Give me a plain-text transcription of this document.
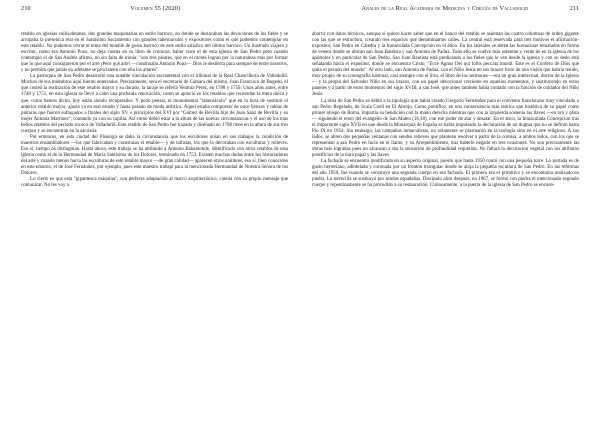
210	Volumen 55 (2020)

retablo en iglesias vallisoletanas, dos grandes maquinarias en estilo barroco, en donde se destacaban las devociones de los fieles y se arropaba la presencia real en el Santísimo Sacramento con grandes tabernáculos y expositores como el que podemos contemplar en este retablo. No podemos cerrar el tema del mueble de gusto barroco de este estilo artístico del último barroco. Un ilustrado viajero y escritor, como era Antonio Ponz, no deja cuenta en su libro de crónicas, haber visto el de esta iglesia de San Pedro pero cuando contempló el de San Andrés afirmó, no sin falta de ironía: "son tres pisares, que en el monte logran por la naturaleza más por formar que lo que aquí consiguieron por el arte ¡Pero qué arte! —continuaba Antonio Ponz— Dios le destierra para siempre de entre nosotros, y no permita que jamás en adelante se proclamen con ella los altares".

La parroquia de San Pedro desarrolló una notable vinculación sacramental con el tribunal de la Real Chancillería de Valladolid. Muchos de sus miembros aquí fueron enterrados. Precisamente, será el secretario de Cámara del mismo, Juan Francisco de Bugedo, el que costeó la realización de este retablo mayor y su dorado, la lacaje se refería Ventura Pérez, en 1788 y 1759. Unos años antes, entre 1748 y 1751, en esta iglesia se llevó a cabo una profunda renovación, como se apreció en los retablos que recuerdan la mera única y que, como hemos dicho, hoy están siendo recuperados. Y podo pensar, el monumental "tabernáculo" que en la hora de sustituir el anterior retablo mayor, ajusta ya en mal estado y hasta pasado de moda artística. Aquel estaba compuesto de once lienzos y tablas de pinturas que fueron sufragados a finales del siglo XV o principios del XVI por "Gómez de Revilla hijo de Juan Sanz de Revilla y su mujer Antonia Martínez", contando ya con su capilla. Así como debió estar a la altura de las nuevas circunstancias y el uso de los más bellos retablos del periodo rococó de Valladolid. Este retablo de San Pedro fue trazado y diseñado en 1788 tiene en la altura de sus tres cuerpos y se encuentran en la sacristía.

Por entonces, en esta ciudad del Pisuerga se daba la circunstancia que los escultores unían en sus trabajos la condición de maestros ensambladores —los que fabricaban y construían el retablo— y de tallistas, los que lo decoraban con esculturas y relieves. Eso sí, tiempo os distinguían. Hasta ahora, este trabajo se ha atribuido a Antonio Bahamonde, identificado con otros retablos de esta iglesia como el de la Hermandad de María Santísima de los Dolores, terminado en 1753. Existen muchas dudas entre los historiadores del arte y cuando menos hacia las esculturas de este retablo mayor —de gran calidad— aparecen otros nombres; eso sí, bien conocidos en este entorno, el de José Fernández, por ejemplo, pues este maestro trabajó para la mencionada Hermandad de Nuestra Señora de los Dolores.

Lo cierto es que esta "gigantesca máquina", con perfecta adaptación al marco arquitectónico, cuenta con su propio mensaje que comunicar. No les voy a

Anales de la Real Academia de Medicina y Cirugía de Valladolid	211

aburrir con datos técnicos, aunque sí quiero hacer saber que en el banco del retablo se asientan las cuatro columnas de orden gigante con las que se estructura, creando tres espacios que denominamos calles. La central está reservada para tres motivos el afirmación-expositor, San Pedro en Cátedra y la Inmaculada Concepción en el ático. En los laterales se abren las hornacinas rematadas en forma de venera donde se ubican san Juan Bautista y san Antonio de Padua. Todo ello se vuelve más solemne y verde de en la iglesia de los apóstoles y en particular de San Pedro. San Juan Bautista está predicando a los fieles que le ven desde la iglesia y con su dedo está señalando hacia el expositor, donde se encuentra Cristo, "Ecce Agnus Dei qui tollis peccata mundi. Este es el Cordero de Dios que quita el pecado del mundo". Al otro lado, san Antonio de Padua, con el Niño Jesús en sus brazos fruto de una visión que habría tenido, muy propio de su iconografía habitual, casi siempre con el lirio, el libro de los sermones —era un gran intelectual, doctor de la Iglesia— y la propia del Salvador Niño en sus brazos, con un papel devocional creciente en aquellos momentos, y sustituyendo en estos paneles y a partir de estos momentos del siglo XVIII, a san José, que antes también había contado con la función de cuidador del Niño Jesús.

La obra de San Pedro se debió a la tipología que había creado Gregorio Fernández para el convento franciscano muy vinculado a san Pedro Regalado, de Scala Coeli en El Abrojo. Como pontífice, en una consecuencia más teórica que histórica de su papel como primer obispo de Roma, impartía su bendición con la mano derecha mientras que con la izquierda sostenía las llaves —en oro y plata— siguiendo el texto del evangelio de San Mateo (16,18), con ese poder de atar y desatar. En el ático, la Inmaculada Concepción tras el importante siglo XVII en que desde la Monarquía de España se había impulsado la declaración de un dogma que no se definió hasta Pío IX en 1854. Sin embargo, las campañas inmaculistas, no solamente se plasmaron en la teología sino en el arte religioso. A sus lados, se abren dos pequeñas ventanas con sendos relieves que plantean resolver a partir de la cornisa, a ambos lados, con los que se representan a san Pedro en lucia en el llanto, y su Arrepentimiento, tras haberle negado en tres ocasiones. No son precisamente las obras más logradas pues no alcanzan a dar la sensación de profundidad requerida. No faltará la decoración vegetal con los atributos pontificios de la tiara papal y las llaves.

La fachada se encuentra modificada en su aspecto original, puesto que hasta 1950 contó con una pequeña torre. Lo portada es de gusto herreriano, adintelada y coronada por un frontón triangular donde se aloja la pequeña escultura de San Pedro. En las reformas del año 1950, fue cuando se construyó una segunda cuerpo en esa fachada. El primero era el primitivo y se encontraba realizado en piedra. La torrecilla se sustituyó por sendas espadañas. Discípulo años después, en 1967, se formó con piedra el mencionado segundo cuerpo y repentinamente se ha procedido a su restauración. Curiosamente, a la puerta de la iglesia de San Pedro se encuen-
